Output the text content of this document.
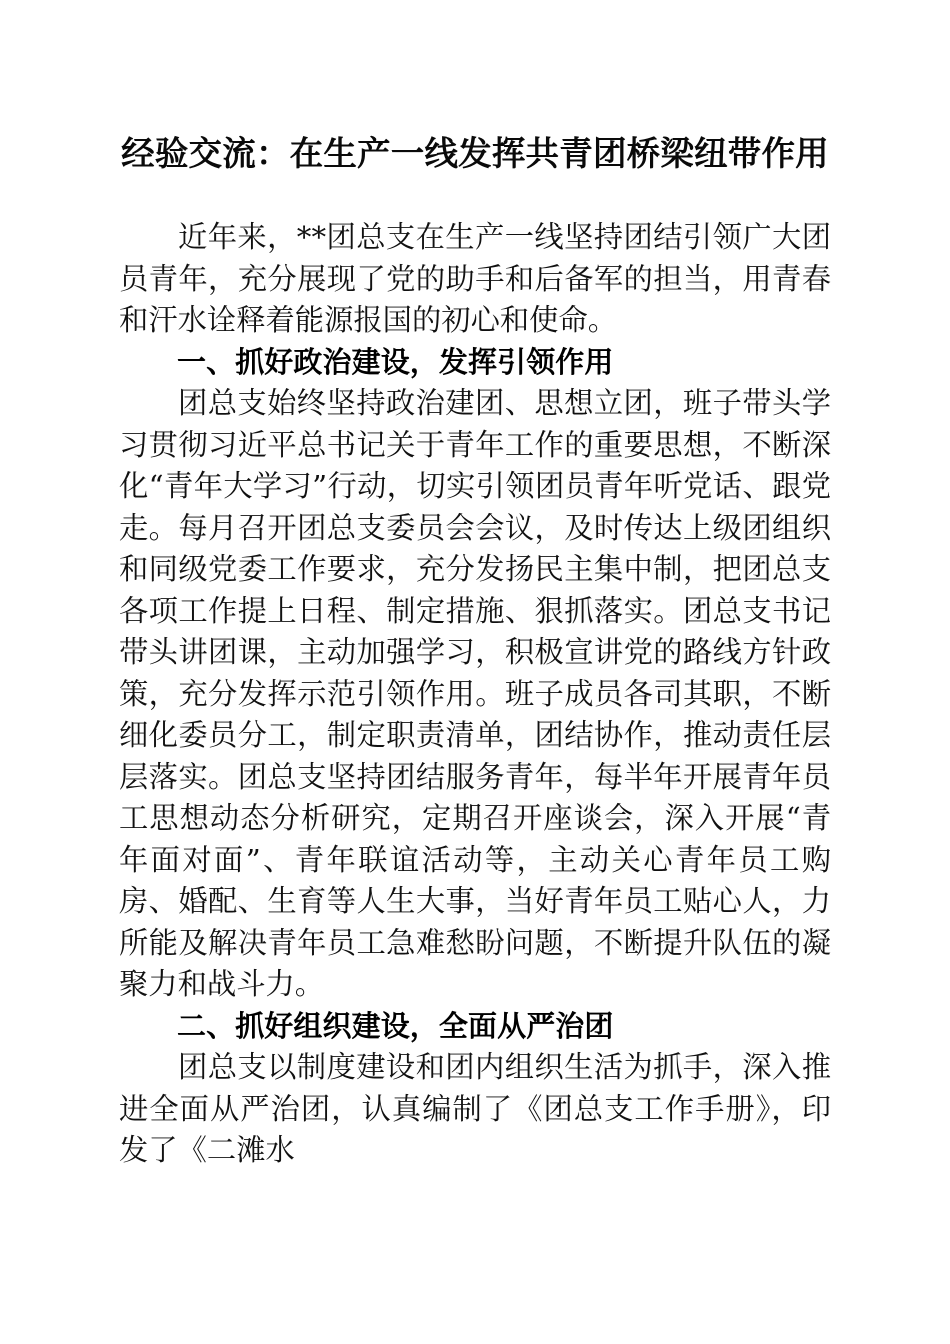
经验交流：在生产一线发挥共青团桥梁纽带作用

近年来，**团总支在生产一线坚持团结引领广大团员青年，充分展现了党的助手和后备军的担当，用青春和汗水诠释着能源报国的初心和使命。

一、抓好政治建设，发挥引领作用

团总支始终坚持政治建团、思想立团，班子带头学习贯彻习近平总书记关于青年工作的重要思想，不断深化“青年大学习”行动，切实引领团员青年听党话、跟党走。每月召开团总支委员会会议，及时传达上级团组织和同级党委工作要求，充分发扬民主集中制，把团总支各项工作提上日程、制定措施、狠抓落实。团总支书记带头讲团课，主动加强学习，积极宣讲党的路线方针政策，充分发挥示范引领作用。班子成员各司其职，不断细化委员分工，制定职责清单，团结协作，推动责任层层落实。团总支坚持团结服务青年，每半年开展青年员工思想动态分析研究，定期召开座谈会，深入开展“青年面对面”、青年联谊活动等，主动关心青年员工购房、婚配、生育等人生大事，当好青年员工贴心人，力所能及解决青年员工急难愁盼问题，不断提升队伍的凝聚力和战斗力。

二、抓好组织建设，全面从严治团

团总支以制度建设和团内组织生活为抓手，深入推进全面从严治团，认真编制了《团总支工作手册》，印发了《二滩水
